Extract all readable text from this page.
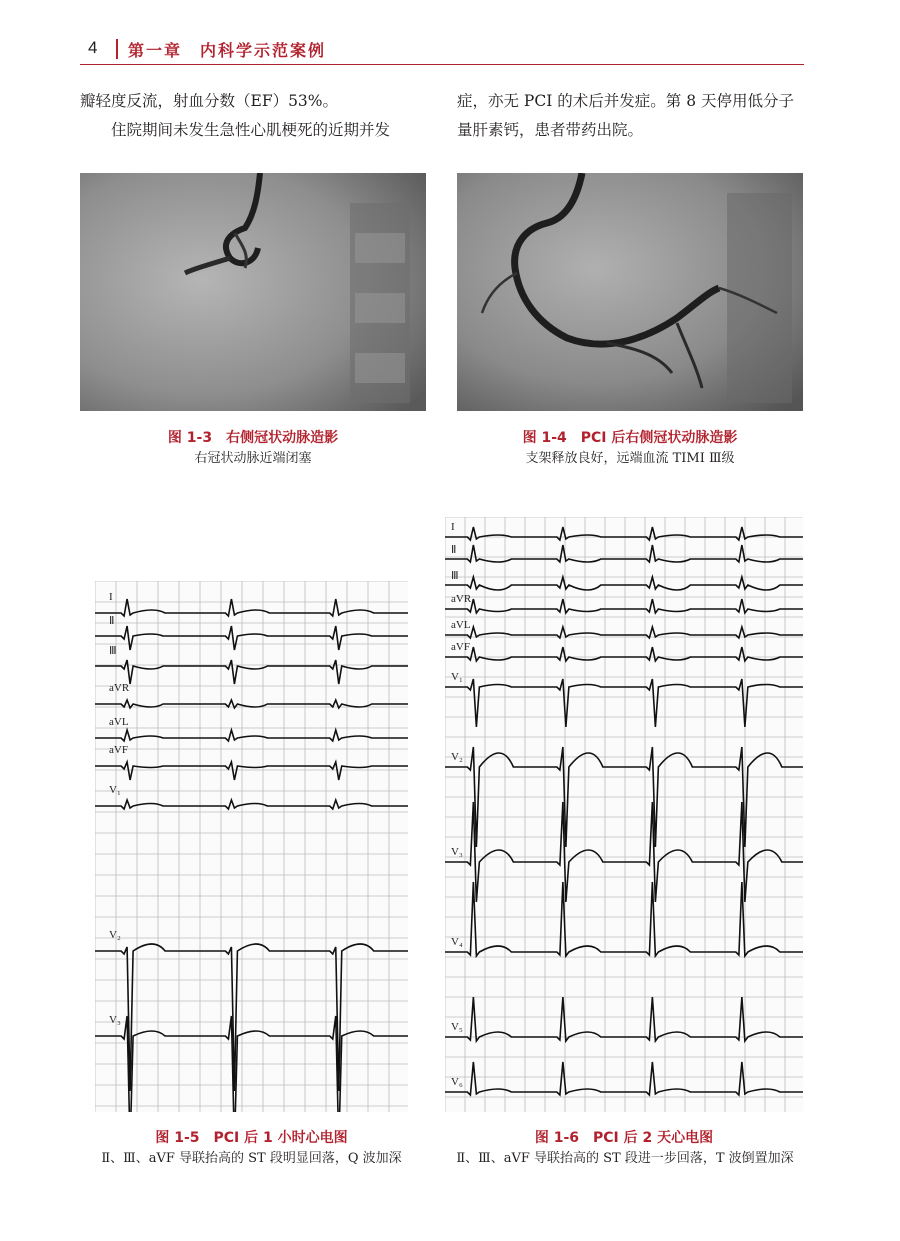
4 第一章　内科学示范案例

瓣轻度反流，射血分数（EF）53%。

住院期间未发生急性心肌梗死的近期并发

症，亦无 PCI 的术后并发症。第 8 天停用低分子

量肝素钙，患者带药出院。

图 1-3　右侧冠状动脉造影
右冠状动脉近端闭塞
图 1-4　PCI 后右侧冠状动脉造影
支架释放良好，远端血流 TIMI Ⅲ级
I
Ⅱ
Ⅲ
aVR
aVL
aVF
V₁
V₂
V₃
图 1-5　PCI 后 1 小时心电图
Ⅱ、Ⅲ、aVF 导联抬高的 ST 段明显回落，Q 波加深
I
Ⅱ
Ⅲ
aVR
aVL
aVF
V₁
V₂
V₃
V₄
V₅
V₆
图 1-6　PCI 后 2 天心电图
Ⅱ、Ⅲ、aVF 导联抬高的 ST 段进一步回落，T 波倒置加深
